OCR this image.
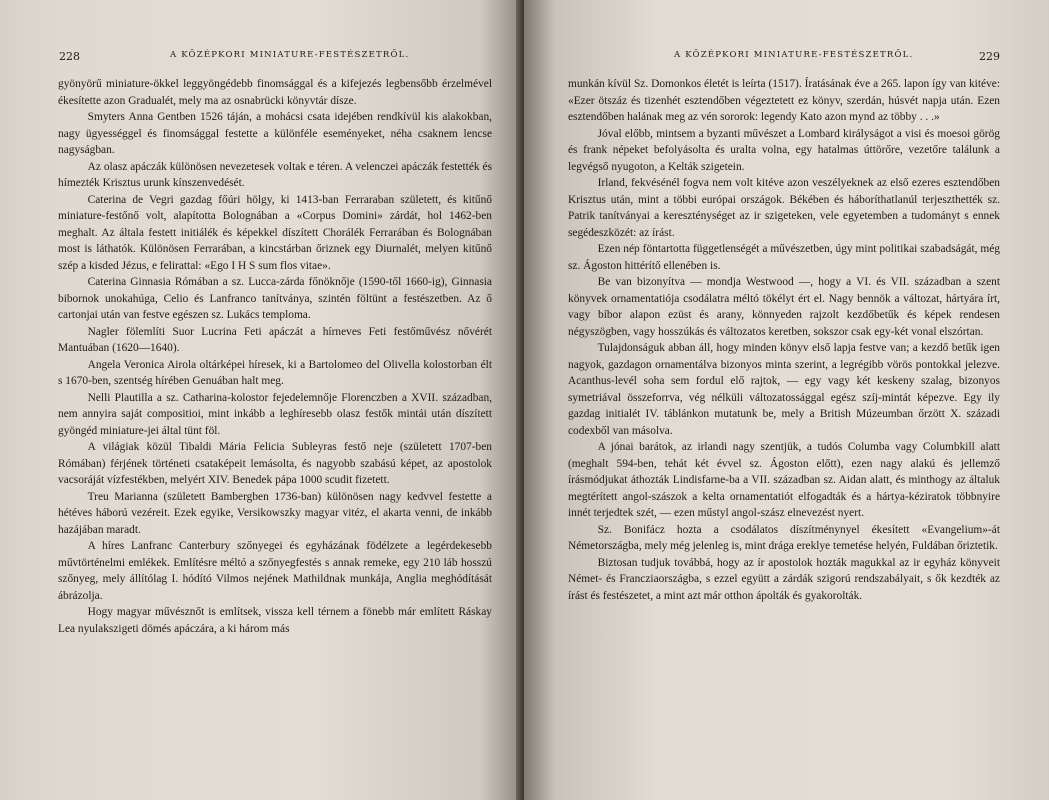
228	A KÖZÉPKORI MINIATURE-FESTÉSZETRŐL.

gyönyörű miniature-ökkel leggyöngédebb finomsággal és a kifejezés legbensőbb érzelmével ékesítette azon Gradualét, mely ma az osnabrücki könyvtár dísze.

Smyters Anna Gentben 1526 táján, a mohácsi csata idejében rendkívül kis alakokban, nagy ügyességgel és finomsággal festette a különféle eseményeket, néha csaknem lencse nagyságban.

Az olasz apáczák különösen nevezetesek voltak e téren. A velenczei apáczák festették és hímezték Krisztus urunk kínszenvedését.

Caterina de Vegri gazdag főúri hölgy, ki 1413-ban Ferraraban született, és kitűnő miniature-festőnő volt, alapította Bolognában a «Corpus Domini» zárdát, hol 1462-ben meghalt. Az általa festett initiálék és képekkel díszített Chorálék Ferrarában és Bolognában most is láthatók. Különösen Ferrarában, a kincstárban őriznek egy Diurnalét, melyen kitűnő szép a kisded Jézus, e felirattal: «Ego I H S sum flos vitae».

Caterina Ginnasia Rómában a sz. Lucca-zárda főnöknője (1590-től 1660-ig), Ginnasia bibornok unokahúga, Celio és Lanfranco tanítványa, szintén föltünt a festészetben. Az ő cartonjai után van festve egészen sz. Lukács temploma.

Nagler fölemlíti Suor Lucrina Feti apáczát a hírneves Feti festőművész nővérét Mantuában (1620—1640).

Angela Veronica Airola oltárképei híresek, ki a Bartolomeo del Olivella kolostorban élt s 1670-ben, szentség hírében Genuában halt meg.

Nelli Plautilla a sz. Catharina-kolostor fejedelemnője Florenczben a XVII. században, nem annyira saját compositioi, mint inkább a leghíresebb olasz festők mintái után díszített gyöngéd miniature-jei által tünt föl.

A világiak közül Tibaldi Mária Felicia Subleyras festő neje (született 1707-ben Rómában) férjének történeti csataképeit lemásolta, és nagyobb szabású képet, az apostolok vacsoráját vízfestékben, melyért XIV. Benedek pápa 1000 scudit fizetett.

Treu Marianna (született Bambergben 1736-ban) különösen nagy kedvvel festette a hétéves háború vezéreit. Ezek egyike, Versikowszky magyar vitéz, el akarta venni, de inkább hazájában maradt.

A híres Lanfranc Canterbury szőnyegei és egyházának födélzete a legérdekesebb művtörténelmi emlékek. Említésre méltó a szőnyegfestés s annak remeke, egy 210 láb hosszú szőnyeg, mely állítólag I. hódító Vilmos nejének Mathildnak munkája, Anglia meghódítását ábrázolja.

Hogy magyar művésznőt is említsek, vissza kell térnem a fönebb már említett Ráskay Lea nyulakszigeti dömés apáczára, a ki három más

A KÖZÉPKORI MINIATURE-FESTÉSZETRŐL.	229

munkán kívül Sz. Domonkos életét is leírta (1517). Íratásának éve a 265. lapon így van kitéve: «Ezer ötszáz és tizenhét esztendőben végeztetett ez könyv, szerdán, húsvét napja után. Ezen esztendőben halának meg az vén sororok: legendy Kato azon mynd az többy . . .»

Jóval előbb, mintsem a byzanti művészet a Lombard királyságot a visi és moesoi görög és frank népeket befolyásolta és uralta volna, egy hatalmas úttörőre, vezetőre találunk a legvégső nyugoton, a Kelták szigetein.

Irland, fekvésénél fogva nem volt kitéve azon veszélyeknek az első ezeres esztendőben Krisztus után, mint a többi európai országok. Békében és háboríthatlanúl terjeszthették sz. Patrik tanítványai a kereszténységet az ir szigeteken, vele egyetemben a tudományt s ennek segédeszközét: az írást.

Ezen nép föntartotta függetlenségét a művészetben, úgy mint politikai szabadságát, még sz. Ágoston hittérítő ellenében is.

Be van bizonyítva — mondja Westwood —, hogy a VI. és VII. században a szent könyvek ornamentatiója csodálatra méltó tökélyt ért el. Nagy bennök a változat, hártyára írt, vagy bíbor alapon ezüst és arany, könnyeden rajzolt kezdőbetűk és képek rendesen négyszögben, vagy hosszúkás és változatos keretben, sokszor csak egy-két vonal elszórtan.

Tulajdonságuk abban áll, hogy minden könyv első lapja festve van; a kezdő betűk igen nagyok, gazdagon ornamentálva bizonyos minta szerint, a legrégibb vörös pontokkal jelezve. Acanthus-levél soha sem fordul elő rajtok, — egy vagy két keskeny szalag, bizonyos symetriával összeforrva, vég nélküli változatossággal egész szíj-mintát képezve. Egy ily gazdag initialét IV. táblánkon mutatunk be, mely a British Múzeumban őrzött X. századi codexből van másolva.

A jónai barátok, az irlandi nagy szentjük, a tudós Columba vagy Columbkill alatt (meghalt 594-ben, tehát két évvel sz. Ágoston előtt), ezen nagy alakú és jellemző írásmódjukat áthozták Lindisfarne-ba a VII. században sz. Aidan alatt, és minthogy az általuk megtérített angol-szászok a kelta ornamentatiót elfogadták és a hártya-kéziratok többnyire innét terjedtek szét, — ezen műstyl angol-szász elnevezést nyert.

Sz. Bonifácz hozta a csodálatos díszítménynyel ékesített «Evangelium»-át Németországba, mely még jelenleg is, mint drága ereklye temetése helyén, Fuldában őriztetik.

Biztosan tudjuk továbbá, hogy az ír apostolok hozták magukkal az ir egyház könyveit Német- és Francziaországba, s ezzel együtt a zárdák szigorú rendszabályait, s ők kezdték az írást és festészetet, a mint azt már otthon ápolták és gyakorolták.
